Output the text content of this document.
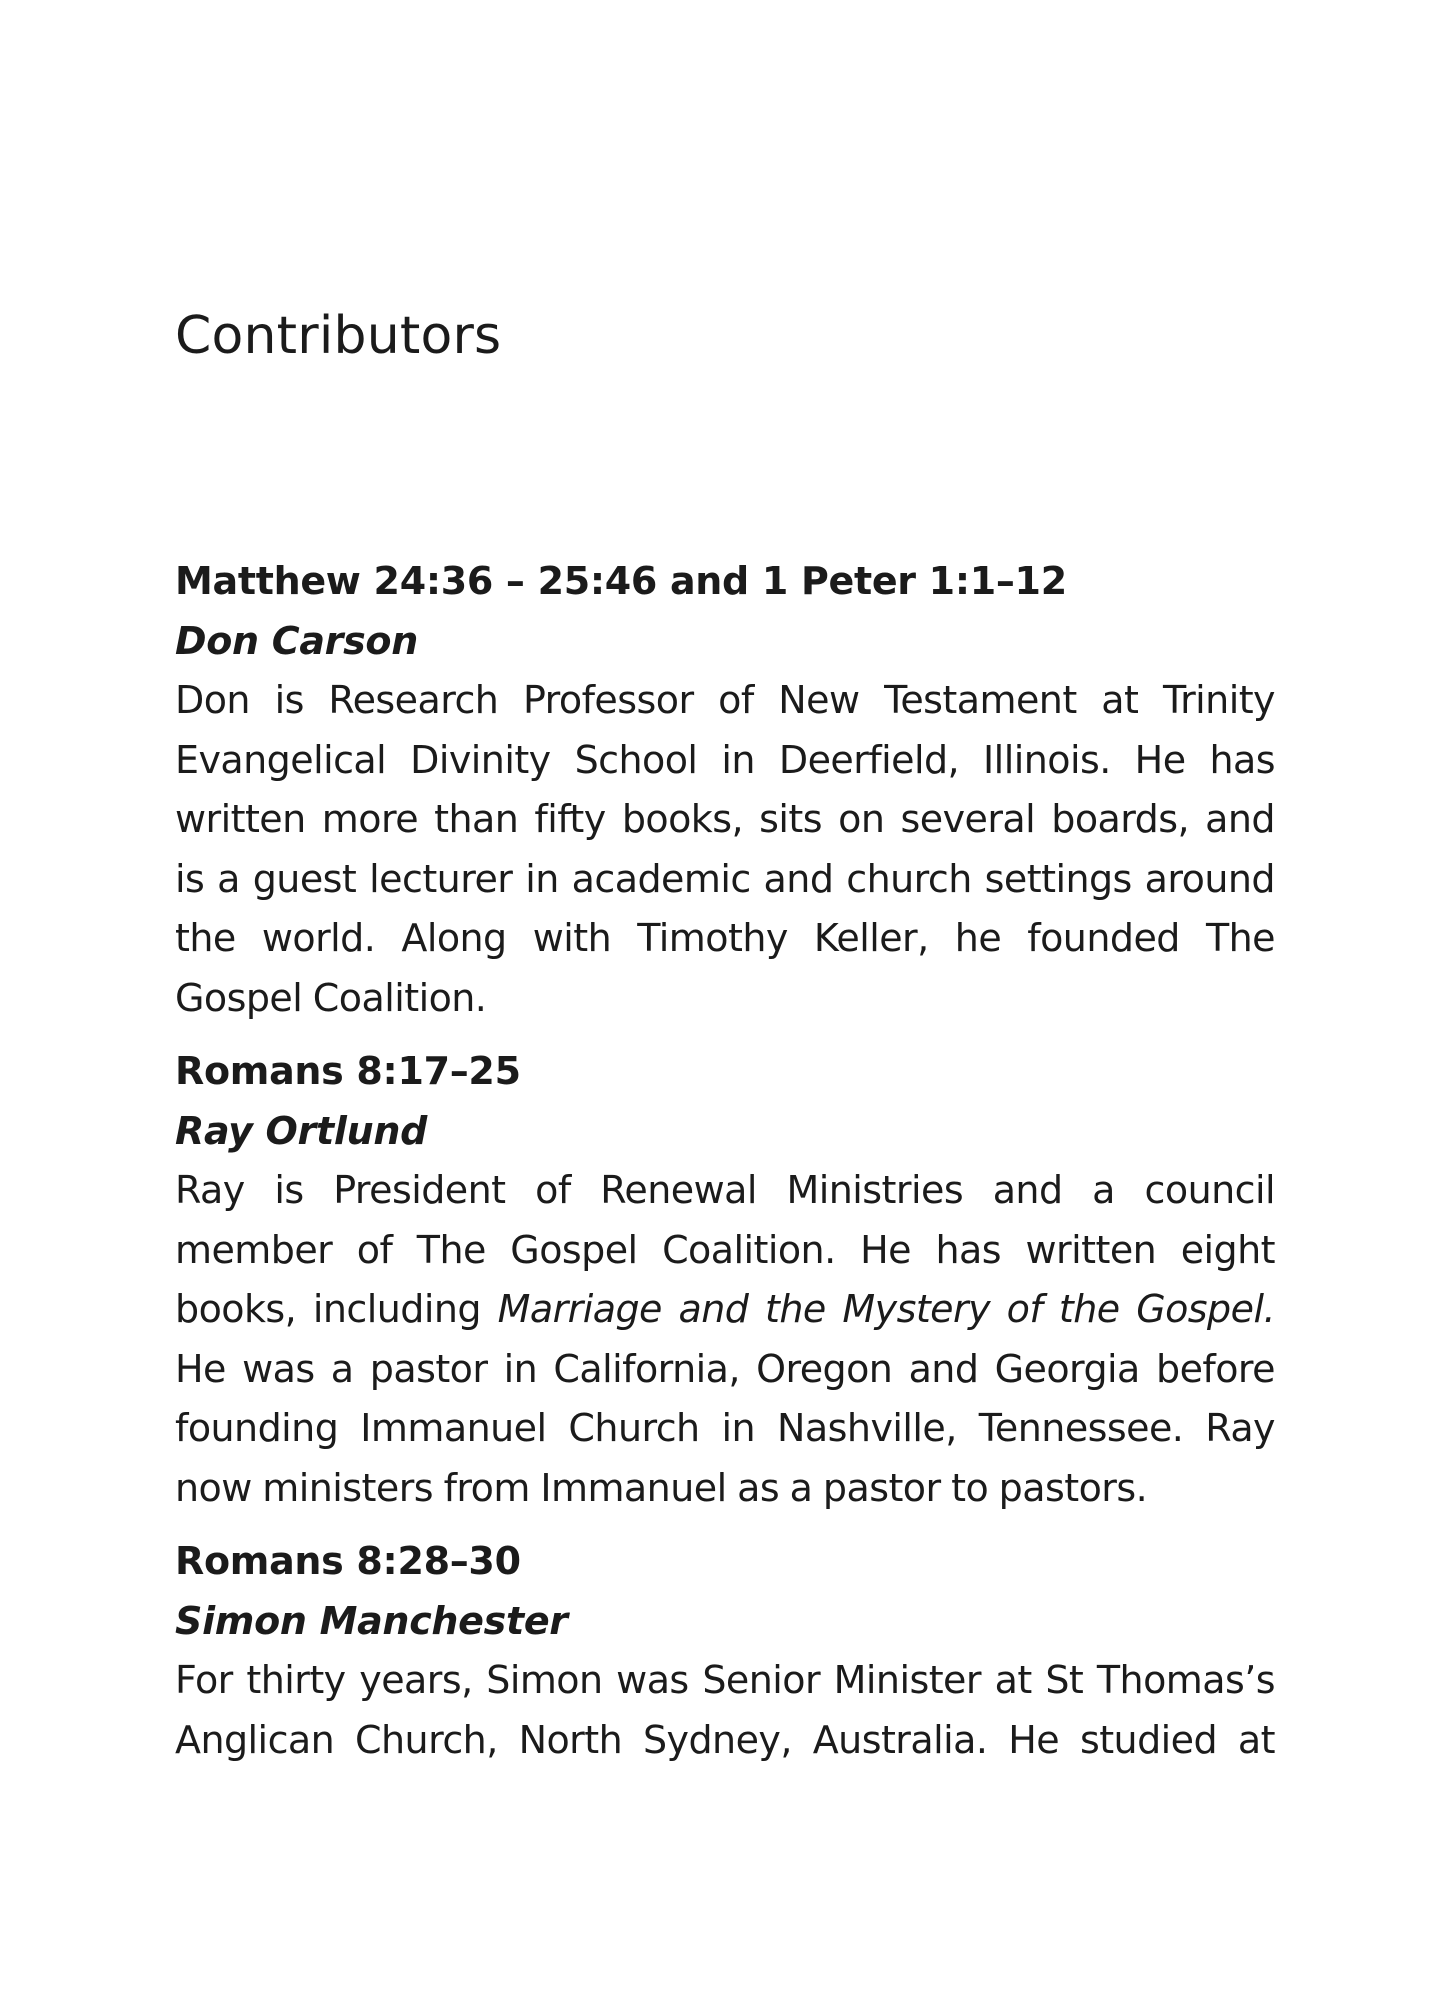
Contributors
Matthew 24:36 – 25:46 and 1 Peter 1:1–12
Don Carson
Don is Research Professor of New Testament at Trinity
Evangelical Divinity School in Deerfield, Illinois. He has
written more than fifty books, sits on several boards, and
is a guest lecturer in academic and church settings around
the world. Along with Timothy Keller, he founded The
Gospel Coalition.
Romans 8:17–25
Ray Ortlund
Ray is President of Renewal Ministries and a council
member of The Gospel Coalition. He has written eight
books, including Marriage and the Mystery of the Gospel.
He was a pastor in California, Oregon and Georgia before
founding Immanuel Church in Nashville, Tennessee. Ray
now ministers from Immanuel as a pastor to pastors.
Romans 8:28–30
Simon Manchester
For thirty years, Simon was Senior Minister at St Thomas’s
Anglican Church, North Sydney, Australia. He studied at
